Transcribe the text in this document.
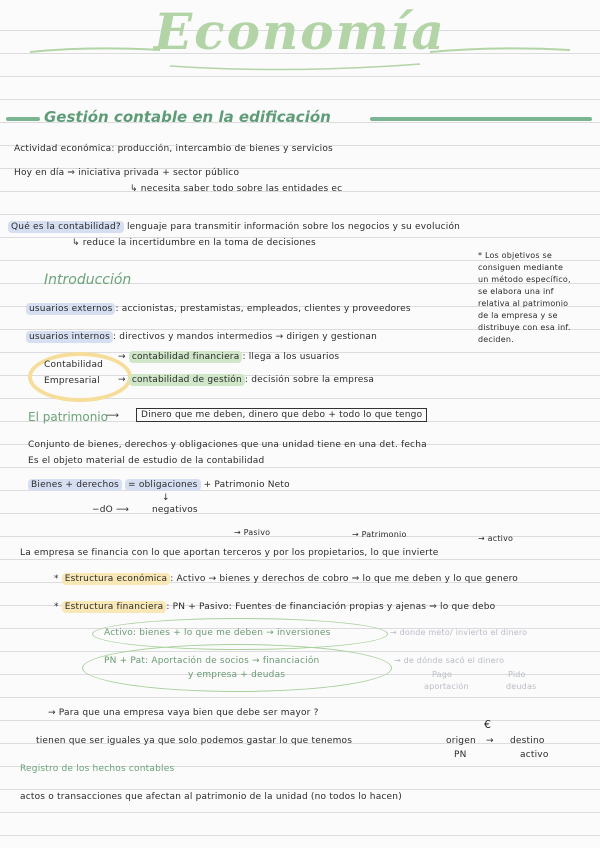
Economía
Gestión contable en la edificación
Actividad económica: producción, intercambio de bienes y servicios
Hoy en día ⇒ iniciativa privada + sector público
↳ necesita saber todo sobre las entidades ec
Qué es la contabilidad? lenguaje para transmitir información sobre los negocios y su evolución
↳ reduce la incertidumbre en la toma de decisiones
Introducción
* Los objetivos se consiguen mediante un método específico, se elabora una inf relativa al patrimonio de la empresa y se distribuye con esa inf. deciden.
usuarios externos : accionistas, prestamistas, empleados, clientes y proveedores
usuarios internos : directivos y mandos intermedios → dirigen y gestionan
Contabilidad
Empresarial
→ contabilidad financiera : llega a los usuarios
→ contabilidad de gestión : decisión sobre la empresa
El patrimonio
⟶	Dinero que me deben, dinero que debo + todo lo que tengo
Conjunto de bienes, derechos y obligaciones que una unidad tiene en una det. fecha
Es el objeto material de estudio de la contabilidad
Bienes + derechos = obligaciones + Patrimonio Neto
↓
−dO ⟶	negativos
→ Pasivo	→ Patrimonio	→ activo
La empresa se financia con lo que aportan terceros y por los propietarios, lo que invierte
* Estructura económica : Activo → bienes y derechos de cobro ⇒ lo que me deben y lo que genero
* Estructura financiera : PN + Pasivo: Fuentes de financiación propias y ajenas ⇒ lo que debo
Activo: bienes + lo que me deben → inversiones	→ donde meto/ invierto el dinero
PN + Pat: Aportación de socios → financiación
y empresa + deudas
→ de dónde sacó el dinero
Pago
aportación
Pido
deudas
→ Para que una empresa vaya bien que debe ser mayor ?
tienen que ser iguales ya que solo podemos gastar lo que tenemos
€
origen → destino
PN	activo
Registro de los hechos contables
actos o transacciones que afectan al patrimonio de la unidad (no todos lo hacen)
